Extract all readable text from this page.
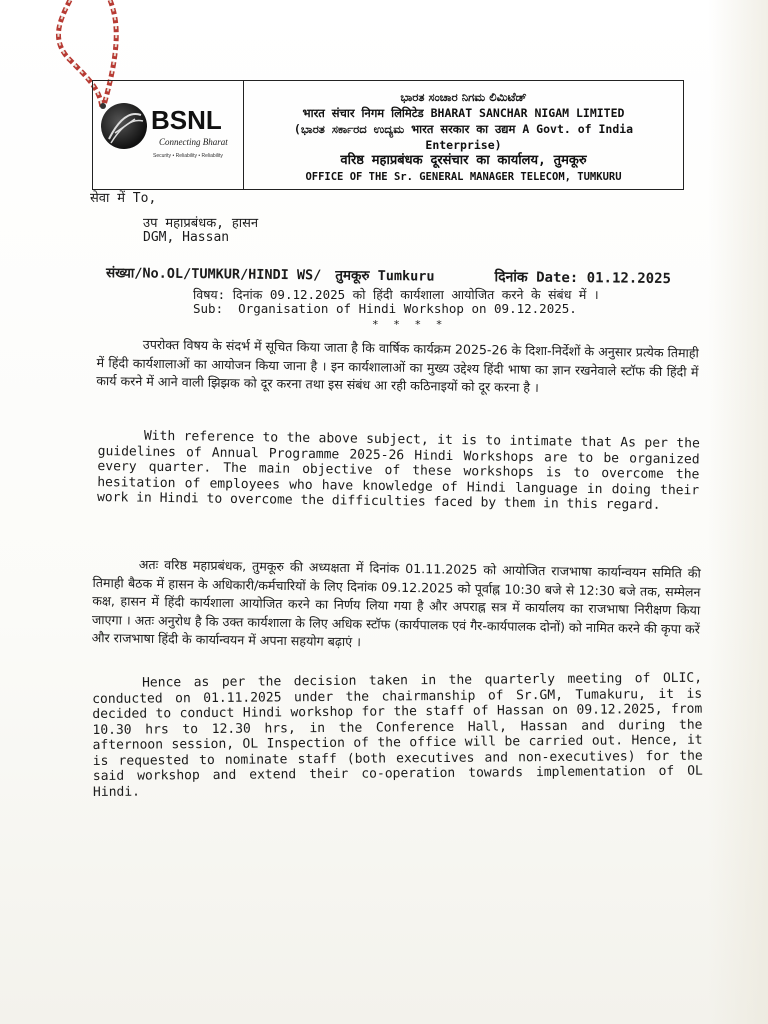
BSNL
Connecting Bharat
Security • Reliability • Reliability
ಭಾರತ ಸಂಚಾರ ನಿಗಮ ಲಿಮಿಟೆಡ್
भारत संचार निगम लिमिटेड BHARAT SANCHAR NIGAM LIMITED
(ಭಾರತ ಸರ್ಕಾರದ ಉದ್ಯಮ भारत सरकार का उद्यम A Govt. of India
Enterprise)
वरिष्ठ महाप्रबंधक दूरसंचार का कार्यालय, तुमकूरु
OFFICE OF THE Sr. GENERAL MANAGER TELECOM, TUMKURU
सेवा में To,
उप महाप्रबंधक, हासन
DGM, Hassan

संख्या/No.OL/TUMKUR/HINDI WS/ तुमकूरु Tumkuru	दिनांक Date: 01.12.2025

विषय: दिनांक 09.12.2025 को हिंदी कार्यशाला आयोजित करने के संबंध में ।
Sub:  Organisation of Hindi Workshop on 09.12.2025.
* * * *
उपरोक्त विषय के संदर्भ में सूचित किया जाता है कि वार्षिक कार्यक्रम 2025-26 के दिशा-निर्देशों के अनुसार प्रत्येक तिमाही में हिंदी कार्यशालाओं का आयोजन किया जाना है । इन कार्यशालाओं का मुख्य उद्देश्य हिंदी भाषा का ज्ञान रखनेवाले स्टॉफ की हिंदी में कार्य करने में आने वाली झिझक को दूर करना तथा इस संबंध आ रही कठिनाइयों को दूर करना है ।
With reference to the above subject, it is to intimate that As per the guidelines of Annual Programme 2025-26 Hindi Workshops are to be organized every quarter. The main objective of these workshops is to overcome the hesitation of employees who have knowledge of Hindi language in doing their work in Hindi to overcome the difficulties faced by them in this regard.
अतः वरिष्ठ महाप्रबंधक, तुमकूरु की अध्यक्षता में दिनांक 01.11.2025 को आयोजित राजभाषा कार्यान्वयन समिति की तिमाही बैठक में हासन के अधिकारी/कर्मचारियों के लिए दिनांक 09.12.2025 को पूर्वाह्न 10:30 बजे से 12:30 बजे तक, सम्मेलन कक्ष, हासन में हिंदी कार्यशाला आयोजित करने का निर्णय लिया गया है और अपराह्न सत्र में कार्यालय का राजभाषा निरीक्षण किया जाएगा । अतः अनुरोध है कि उक्त कार्यशाला के लिए अधिक स्टॉफ (कार्यपालक एवं गैर-कार्यपालक दोनों) को नामित करने की कृपा करें और राजभाषा हिंदी के कार्यान्वयन में अपना सहयोग बढ़ाएं ।
Hence as per the decision taken in the quarterly meeting of OLIC, conducted on 01.11.2025 under the chairmanship of Sr.GM, Tumakuru, it is decided to conduct Hindi workshop for the staff of Hassan on 09.12.2025, from 10.30 hrs to 12.30 hrs, in the Conference Hall, Hassan and during the afternoon session, OL Inspection of the office will be carried out. Hence, it is requested to nominate staff (both executives and non-executives) for the said workshop and extend their co-operation towards implementation of OL Hindi.
